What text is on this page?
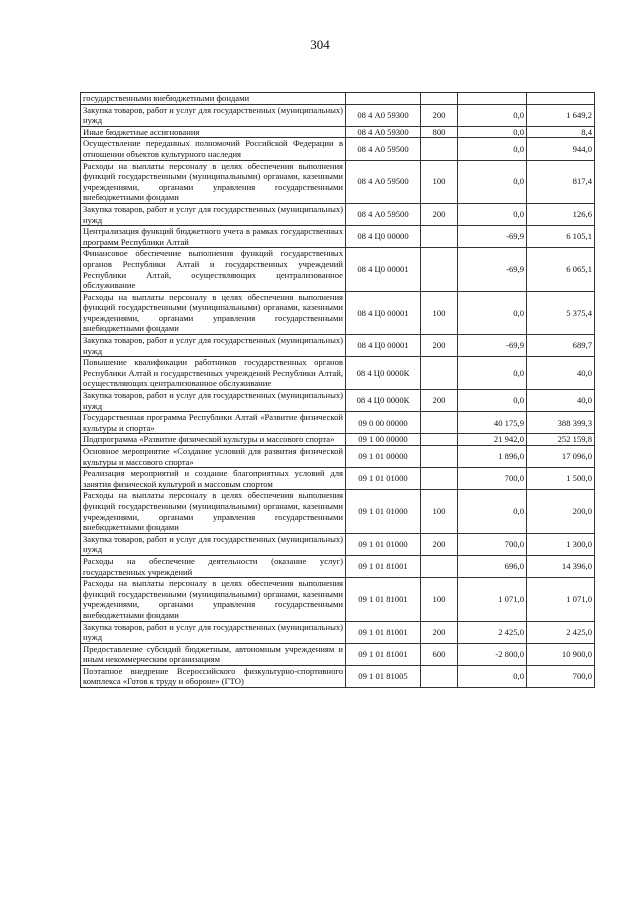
304
государственными внебюджетными фондами				
Закупка товаров, работ и услуг для государственных (муниципальных) нужд	08 4 А0 59300	200	0,0	1 649,2
Иные бюджетные ассигнования	08 4 А0 59300	800	0,0	8,4
Осуществление переданных полномочий Российской Федерации в отношении объектов культурного наследия	08 4 А0 59500		0,0	944,0
Расходы на выплаты персоналу в целях обеспечения выполнения функций государственными (муниципальными) органами, казенными учреждениями, органами управления государственными внебюджетными фондами	08 4 А0 59500	100	0,0	817,4
Закупка товаров, работ и услуг для государственных (муниципальных) нужд	08 4 А0 59500	200	0,0	126,6
Централизация функций бюджетного учета в рамках государственных программ Республики Алтай	08 4 Ц0 00000		-69,9	6 105,1
Финансовое обеспечение выполнения функций государственных органов Республики Алтай и государственных учреждений Республики Алтай, осуществляющих централизованное обслуживание	08 4 Ц0 00001		-69,9	6 065,1
Расходы на выплаты персоналу в целях обеспечения выполнения функций государственными (муниципальными) органами, казенными учреждениями, органами управления государственными внебюджетными фондами	08 4 Ц0 00001	100	0,0	5 375,4
Закупка товаров, работ и услуг для государственных (муниципальных) нужд	08 4 Ц0 00001	200	-69,9	689,7
Повышение квалификации работников государственных органов Республики Алтай и государственных учреждений Республики Алтай, осуществляющих централизованное обслуживание	08 4 Ц0 0000К		0,0	40,0
Закупка товаров, работ и услуг для государственных (муниципальных) нужд	08 4 Ц0 0000К	200	0,0	40,0
Государственная программа Республики Алтай «Развитие физической культуры и спорта»	09 0 00 00000		40 175,9	388 399,3
Подпрограмма «Развитие физической культуры и массового спорта»	09 1 00 00000		21 942,0	252 159,8
Основное мероприятие «Создание условий для развития физической культуры и массового спорта»	09 1 01 00000		1 896,0	17 096,0
Реализация мероприятий и создание благоприятных условий для занятия физической культурой и массовым спортом	09 1 01 01000		700,0	1 500,0
Расходы на выплаты персоналу в целях обеспечения выполнения функций государственными (муниципальными) органами, казенными учреждениями, органами управления государственными внебюджетными фондами	09 1 01 01000	100	0,0	200,0
Закупка товаров, работ и услуг для государственных (муниципальных) нужд	09 1 01 01000	200	700,0	1 300,0
Расходы на обеспечение деятельности (оказание услуг) государственных учреждений	09 1 01 81001		696,0	14 396,0
Расходы на выплаты персоналу в целях обеспечения выполнения функций государственными (муниципальными) органами, казенными учреждениями, органами управления государственными внебюджетными фондами	09 1 01 81001	100	1 071,0	1 071,0
Закупка товаров, работ и услуг для государственных (муниципальных) нужд	09 1 01 81001	200	2 425,0	2 425,0
Предоставление субсидий бюджетным, автономным учреждениям и иным некоммерческим организациям	09 1 01 81001	600	-2 800,0	10 900,0
Поэтапное внедрение Всероссийского физкультурно-спортивного комплекса «Готов к труду и обороне» (ГТО)	09 1 01 81005		0,0	700,0
